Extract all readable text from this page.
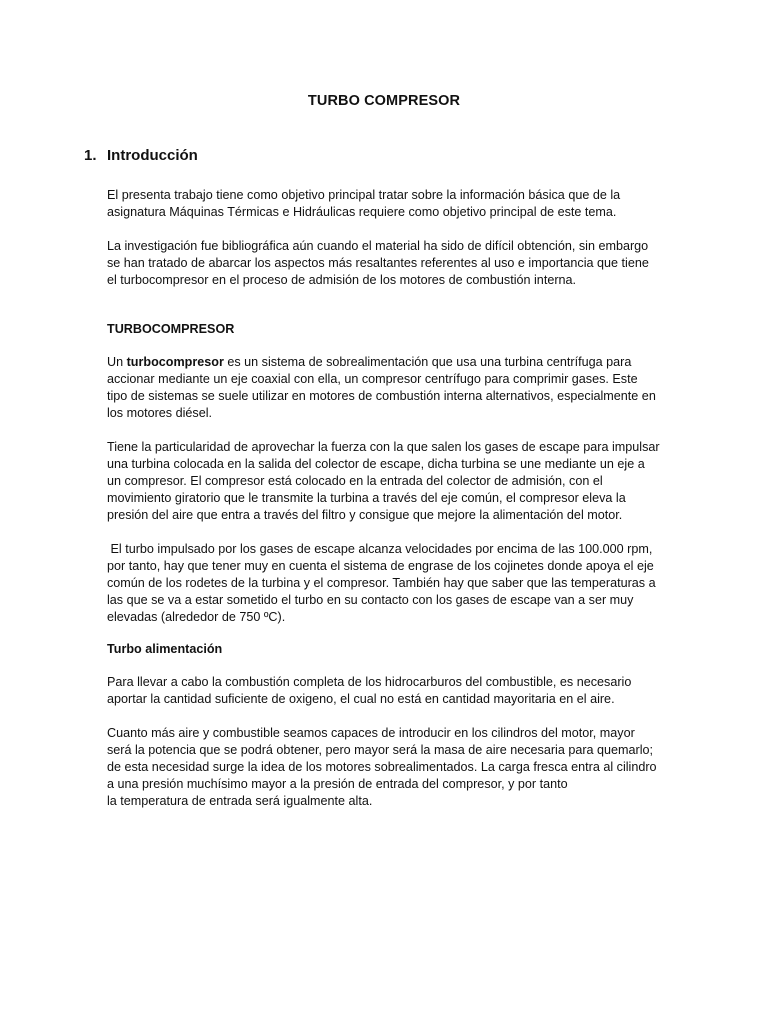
TURBO COMPRESOR
1. Introducción

El presenta trabajo tiene como objetivo principal tratar sobre la información básica que de la
asignatura Máquinas Térmicas e Hidráulicas requiere como objetivo principal de este tema.

La investigación fue bibliográfica aún cuando el material ha sido de difícil obtención, sin embargo
se han tratado de abarcar los aspectos más resaltantes referentes al uso e importancia que tiene
el turbocompresor en el proceso de admisión de los motores de combustión interna.

TURBOCOMPRESOR

Un turbocompresor es un sistema de sobrealimentación que usa una turbina centrífuga para
accionar mediante un eje coaxial con ella, un compresor centrífugo para comprimir gases. Este
tipo de sistemas se suele utilizar en motores de combustión interna alternativos, especialmente en
los motores diésel.

Tiene la particularidad de aprovechar la fuerza con la que salen los gases de escape para impulsar
una turbina colocada en la salida del colector de escape, dicha turbina se une mediante un eje a
un compresor. El compresor está colocado en la entrada del colector de admisión, con el
movimiento giratorio que le transmite la turbina a través del eje común, el compresor eleva la
presión del aire que entra a través del filtro y consigue que mejore la alimentación del motor.

El turbo impulsado por los gases de escape alcanza velocidades por encima de las 100.000 rpm,
por tanto, hay que tener muy en cuenta el sistema de engrase de los cojinetes donde apoya el eje
común de los rodetes de la turbina y el compresor. También hay que saber que las temperaturas a
las que se va a estar sometido el turbo en su contacto con los gases de escape van a ser muy
elevadas (alrededor de 750 ºC).

Turbo alimentación

Para llevar a cabo la combustión completa de los hidrocarburos del combustible, es necesario
aportar la cantidad suficiente de oxigeno, el cual no está en cantidad mayoritaria en el aire.

Cuanto más aire y combustible seamos capaces de introducir en los cilindros del motor, mayor
será la potencia que se podrá obtener, pero mayor será la masa de aire necesaria para quemarlo;
de esta necesidad surge la idea de los motores sobrealimentados. La carga fresca entra al cilindro
a una presión muchísimo mayor a la presión de entrada del compresor, y por tanto
la temperatura de entrada será igualmente alta.
